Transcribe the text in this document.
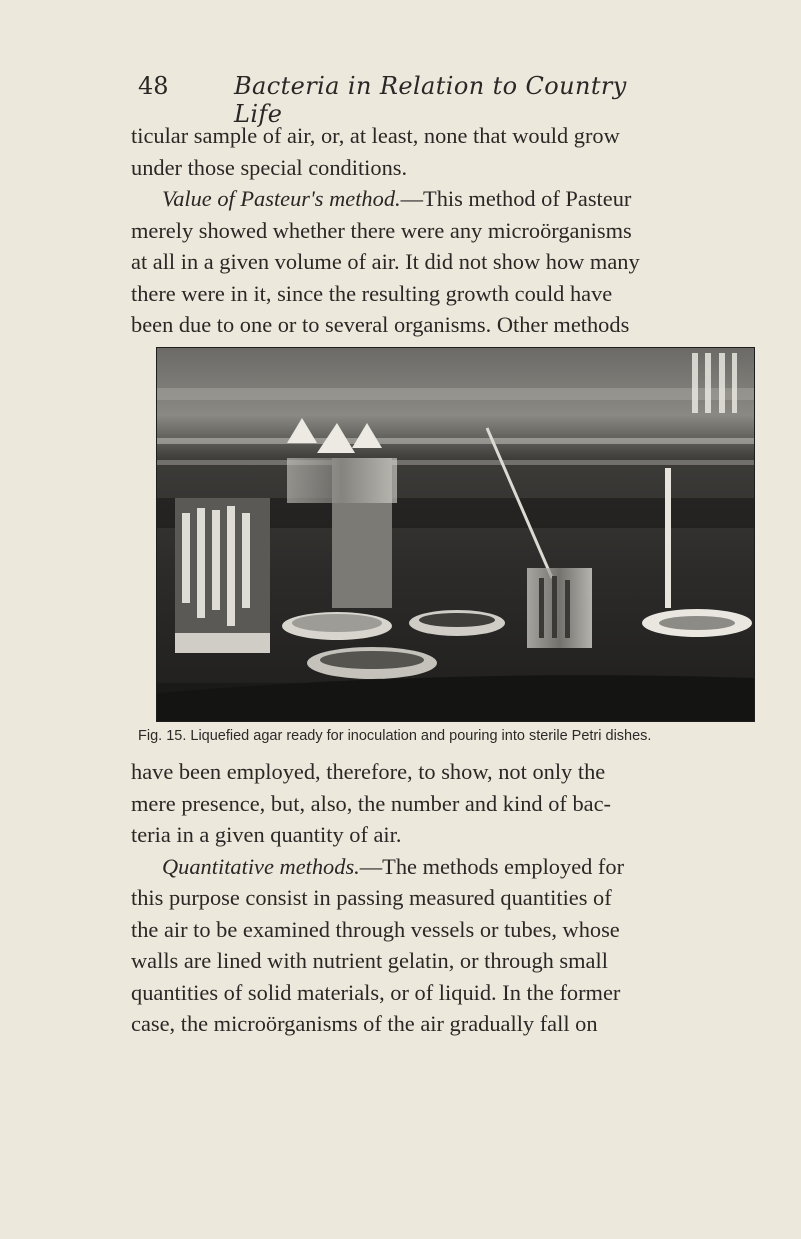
48	Bacteria in Relation to Country Life

ticular sample of air, or, at least, none that would grow
under those special conditions.
Value of Pasteur's method.—This method of Pasteur
merely showed whether there were any microörganisms
at all in a given volume of air. It did not show how many
there were in it, since the resulting growth could have
been due to one or to several organisms. Other methods

Fig. 15. Liquefied agar ready for inoculation and pouring into sterile Petri dishes.

have been employed, therefore, to show, not only the
mere presence, but, also, the number and kind of bac-
teria in a given quantity of air.
Quantitative methods.—The methods employed for
this purpose consist in passing measured quantities of
the air to be examined through vessels or tubes, whose
walls are lined with nutrient gelatin, or through small
quantities of solid materials, or of liquid. In the former
case, the microörganisms of the air gradually fall on
